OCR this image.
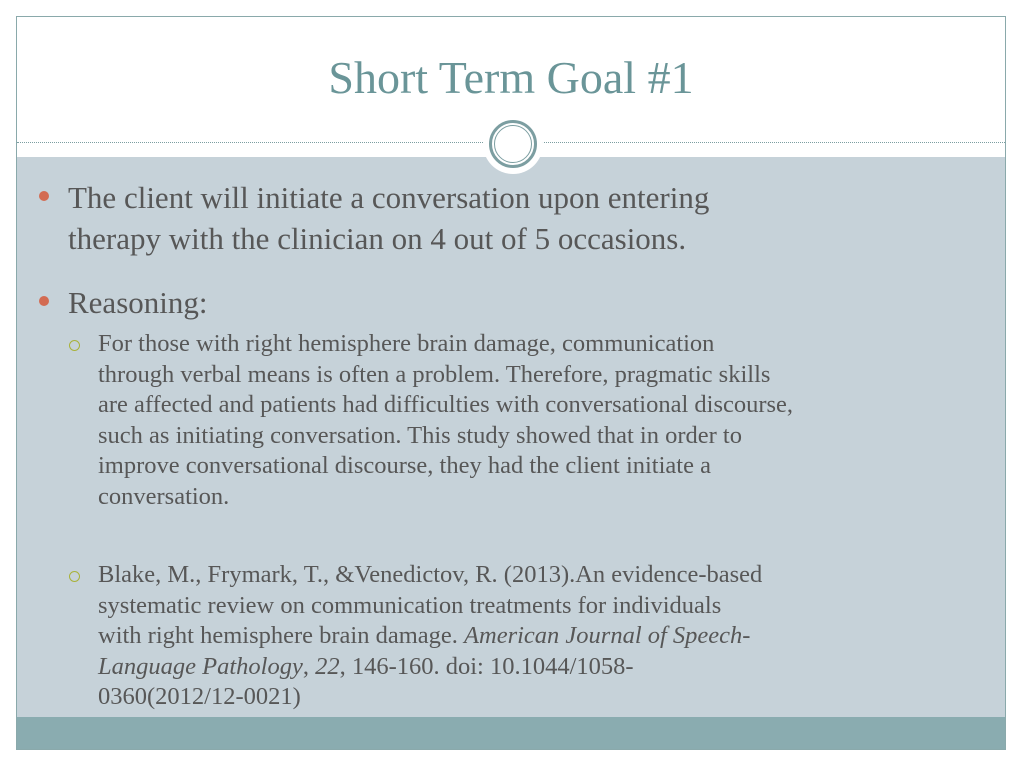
Short Term Goal #1
The client will initiate a conversation upon entering
therapy with the clinician on 4 out of 5 occasions.
Reasoning:
For those with right hemisphere brain damage, communication
through verbal means is often a problem. Therefore, pragmatic skills
are affected and patients had difficulties with conversational discourse,
such as initiating conversation. This study showed that in order to
improve conversational discourse, they had the client initiate a
conversation.
Blake, M., Frymark, T., &Venedictov, R. (2013).An evidence-based
systematic review on communication treatments for individuals
with right hemisphere brain damage. American Journal of Speech-
Language Pathology, 22, 146-160. doi: 10.1044/1058-
0360(2012/12-0021)
